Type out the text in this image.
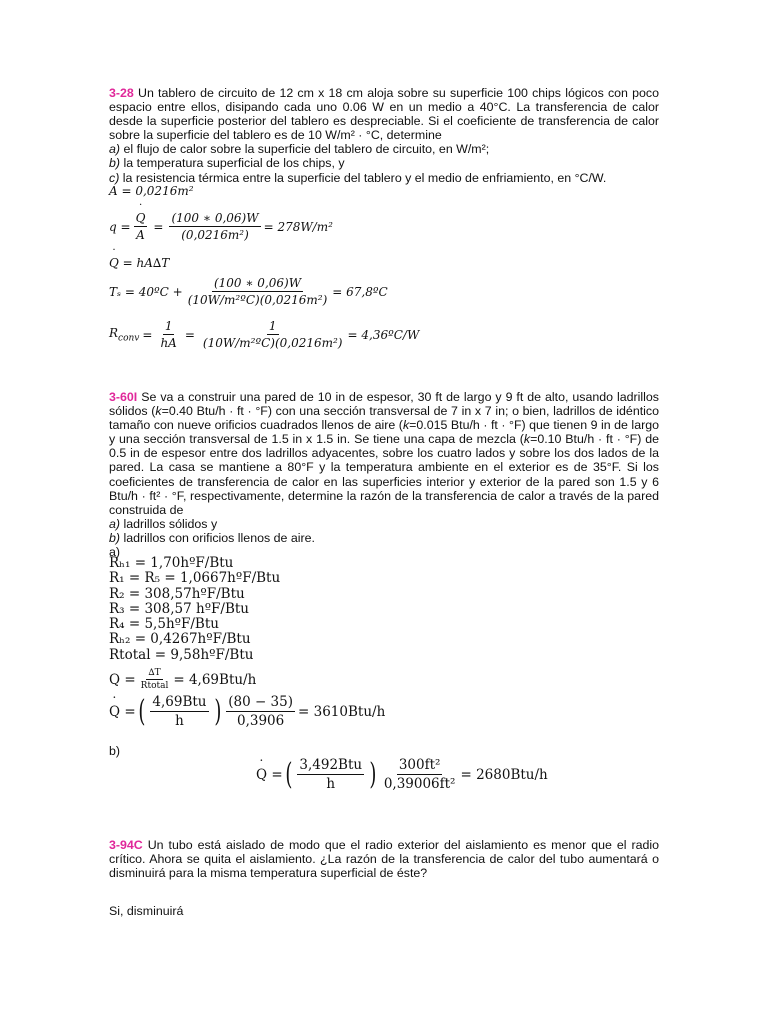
3-28 Un tablero de circuito de 12 cm x 18 cm aloja sobre su superficie 100 chips lógicos con poco espacio entre ellos, disipando cada uno 0.06 W en un medio a 40°C. La transferencia de calor desde la superficie posterior del tablero es despreciable. Si el coeficiente de transferencia de calor sobre la superficie del tablero es de 10 W/m² · °C, determine

a) el flujo de calor sobre la superficie del tablero de circuito, en W/m²;

b) la temperatura superficial de los chips, y

c) la resistencia térmica entre la superficie del tablero y el medio de enfriamiento, en °C/W.

A = 0,0216m²
q =
˙ $\frac{Q}{A} = \frac{(100 ∗ 0,06)W}{\text{(0,0216m²)}} = 278W/m^2$
˙ Q = hA∆T
Tₛ = 40ºC + $\frac{(100 ∗ 0,06)W}{\text{(10W/m²ºC)(0,0216m²)}}$ = 67,8ºC
$R_{conv} = \frac{1}{hA} = \frac{1}{\text{(10W/m²ºC)(0,0216m²)}}$ = 4,36ºC/W

3-60I Se va a construir una pared de 10 in de espesor, 30 ft de largo y 9 ft de alto, usando ladrillos sólidos (k=0.40 Btu/h · ft · °F) con una sección transversal de 7 in x 7 in; o bien, ladrillos de idéntico tamaño con nueve orificios cuadrados llenos de aire (k=0.015 Btu/h · ft · °F) que tienen 9 in de largo y una sección transversal de 1.5 in x 1.5 in. Se tiene una capa de mezcla (k=0.10 Btu/h · ft · °F) de 0.5 in de espesor entre dos ladrillos adyacentes, sobre los cuatro lados y sobre los dos lados de la pared. La casa se mantiene a 80°F y la temperatura ambiente en el exterior es de 35°F. Si los coeficientes de transferencia de calor en las superficies interior y exterior de la pared son 1.5 y 6 Btu/h · ft² · °F, respectivamente, determine la razón de la transferencia de calor a través de la pared construida de

a) ladrillos sólidos y

b) ladrillos con orificios llenos de aire.

a)

Rₕ₁ = 1,70hºF/Btu
R₁ = R₅ = 1,0667hºF/Btu
R₂ = 308,57hºF/Btu
R₃ = 308,57 hºF/Btu
R₄ = 5,5hºF/Btu
Rₕ₂ = 0,4267hºF/Btu
Rtotal = 9,58hºF/Btu
$Q = \frac{\Delta T}{\text{Rtotal}} = 4,69Btu/h$
˙ Q = ( $\frac{\text{4,69Btu}}{h}$ ) $\frac{(80 - 35)}{0,3906} = 3610Btu/h$
b)
˙ Q = ( $\frac{\text{3,492Btu}}{h}$ ) $\frac{\text{300ft²}}{\text{0,39006ft²}} = 2680Btu/h$

3-94C Un tubo está aislado de modo que el radio exterior del aislamiento es menor que el radio crítico. Ahora se quita el aislamiento. ¿La razón de la transferencia de calor del tubo aumentará o disminuirá para la misma temperatura superficial de éste?

Si, disminuirá
